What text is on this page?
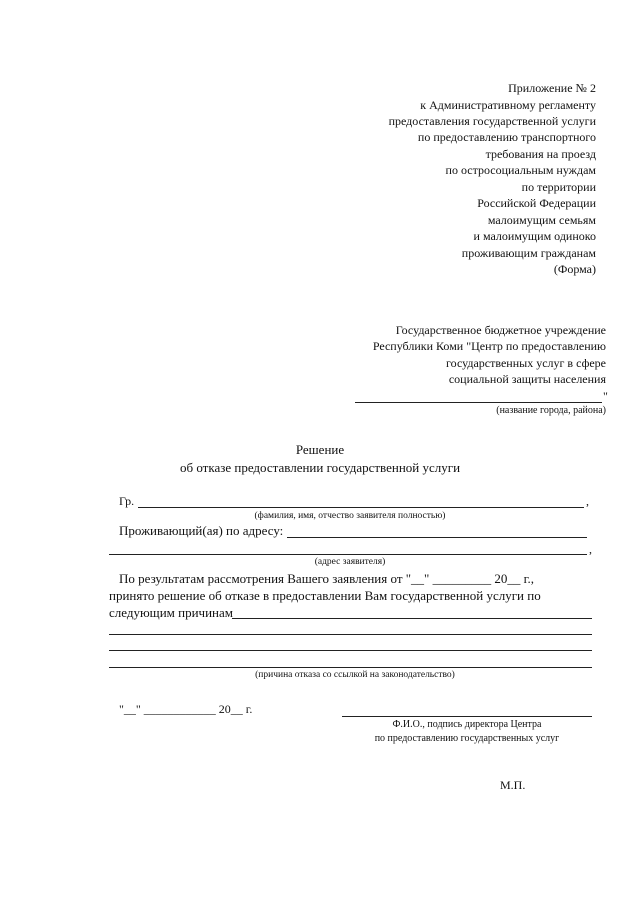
Приложение № 2
к Административному регламенту
предоставления государственной услуги
по предоставлению транспортного
требования на проезд
по остросоциальным нуждам
по территории
Российской Федерации
малоимущим семьям
и малоимущим одиноко
проживающим гражданам
(Форма)
Государственное бюджетное учреждение
Республики Коми "Центр по предоставлению
государственных услуг в сфере
социальной защиты населения
"
(название города, района)
Решение
об отказе предоставлении государственной услуги
Гр.	,
(фамилия, имя, отчество заявителя полностью)
Проживающий(ая) по адресу:
,
(адрес заявителя)
По результатам рассмотрения Вашего заявления от "__" _________ 20__ г.,
принято решение об отказе в предоставлении Вам государственной услуги по
следующим причинам
(причина отказа со ссылкой на законодательство)
"__" ____________ 20__ г.
Ф.И.О., подпись директора Центра
по предоставлению государственных услуг
М.П.
